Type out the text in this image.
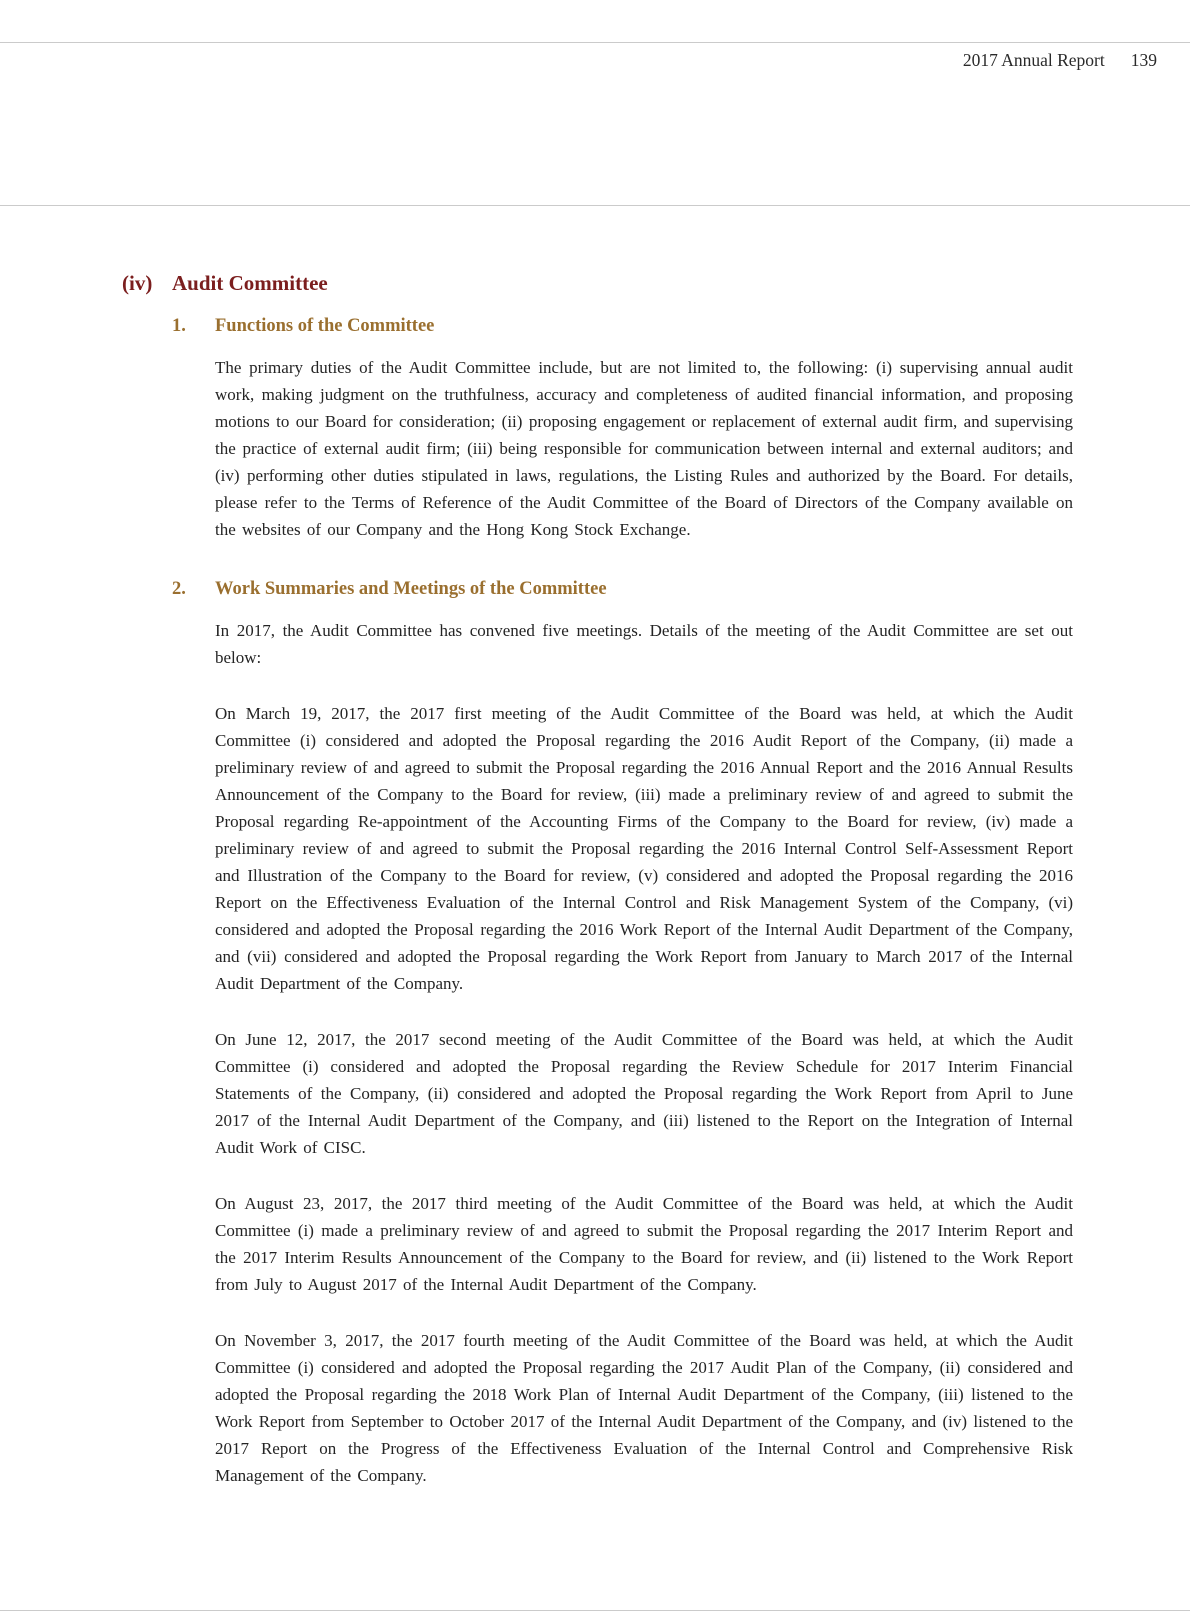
2017 Annual Report 139
(iv) Audit Committee
1.	Functions of the Committee

The primary duties of the Audit Committee include, but are not limited to, the following: (i) supervising annual audit work, making judgment on the truthfulness, accuracy and completeness of audited financial information, and proposing motions to our Board for consideration; (ii) proposing engagement or replacement of external audit firm, and supervising the practice of external audit firm; (iii) being responsible for communication between internal and external auditors; and (iv) performing other duties stipulated in laws, regulations, the Listing Rules and authorized by the Board. For details, please refer to the Terms of Reference of the Audit Committee of the Board of Directors of the Company available on the websites of our Company and the Hong Kong Stock Exchange.

2.	Work Summaries and Meetings of the Committee

In 2017, the Audit Committee has convened five meetings. Details of the meeting of the Audit Committee are set out below:

On March 19, 2017, the 2017 first meeting of the Audit Committee of the Board was held, at which the Audit Committee (i) considered and adopted the Proposal regarding the 2016 Audit Report of the Company, (ii) made a preliminary review of and agreed to submit the Proposal regarding the 2016 Annual Report and the 2016 Annual Results Announcement of the Company to the Board for review, (iii) made a preliminary review of and agreed to submit the Proposal regarding Re-appointment of the Accounting Firms of the Company to the Board for review, (iv) made a preliminary review of and agreed to submit the Proposal regarding the 2016 Internal Control Self-Assessment Report and Illustration of the Company to the Board for review, (v) considered and adopted the Proposal regarding the 2016 Report on the Effectiveness Evaluation of the Internal Control and Risk Management System of the Company, (vi) considered and adopted the Proposal regarding the 2016 Work Report of the Internal Audit Department of the Company, and (vii) considered and adopted the Proposal regarding the Work Report from January to March 2017 of the Internal Audit Department of the Company.

On June 12, 2017, the 2017 second meeting of the Audit Committee of the Board was held, at which the Audit Committee (i) considered and adopted the Proposal regarding the Review Schedule for 2017 Interim Financial Statements of the Company, (ii) considered and adopted the Proposal regarding the Work Report from April to June 2017 of the Internal Audit Department of the Company, and (iii) listened to the Report on the Integration of Internal Audit Work of CISC.

On August 23, 2017, the 2017 third meeting of the Audit Committee of the Board was held, at which the Audit Committee (i) made a preliminary review of and agreed to submit the Proposal regarding the 2017 Interim Report and the 2017 Interim Results Announcement of the Company to the Board for review, and (ii) listened to the Work Report from July to August 2017 of the Internal Audit Department of the Company.

On November 3, 2017, the 2017 fourth meeting of the Audit Committee of the Board was held, at which the Audit Committee (i) considered and adopted the Proposal regarding the 2017 Audit Plan of the Company, (ii) considered and adopted the Proposal regarding the 2018 Work Plan of Internal Audit Department of the Company, (iii) listened to the Work Report from September to October 2017 of the Internal Audit Department of the Company, and (iv) listened to the 2017 Report on the Progress of the Effectiveness Evaluation of the Internal Control and Comprehensive Risk Management of the Company.
